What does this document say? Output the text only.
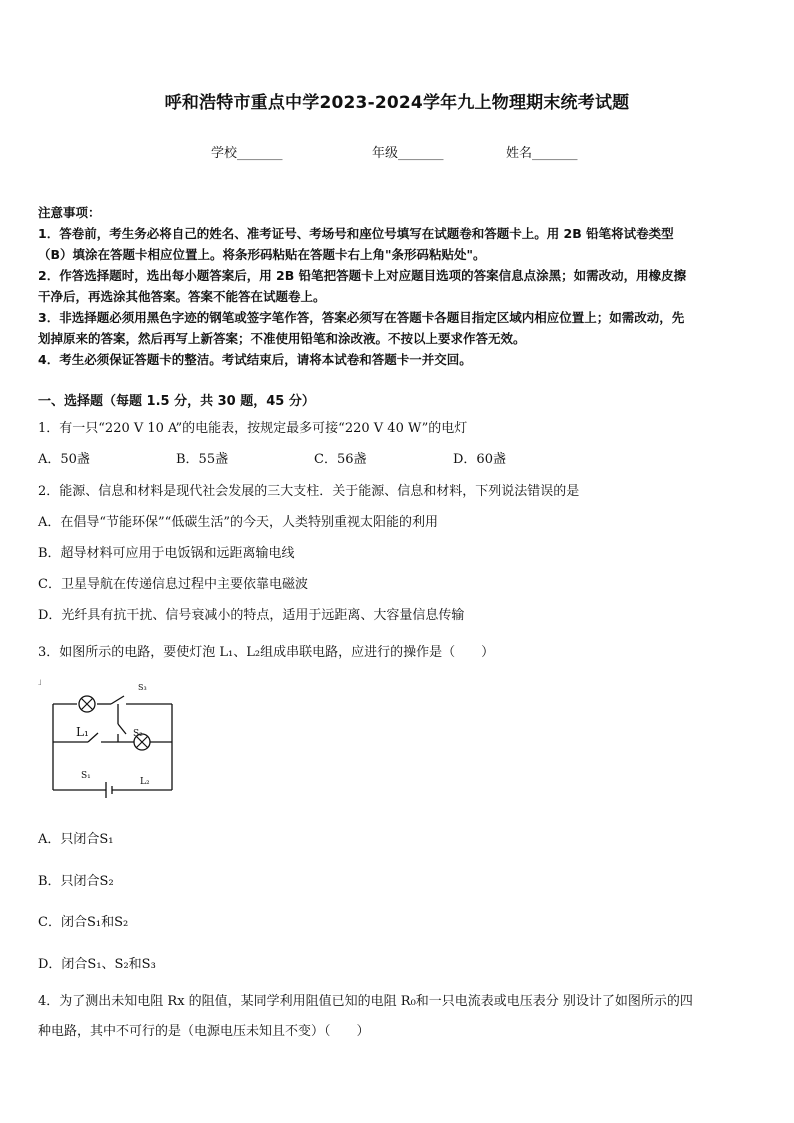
呼和浩特市重点中学2023-2024学年九上物理期末统考试题
学校_______	年级_______	姓名_______
注意事项：
1．答卷前，考生务必将自己的姓名、准考证号、考场号和座位号填写在试题卷和答题卡上。用 2B 铅笔将试卷类型
（B）填涂在答题卡相应位置上。将条形码粘贴在答题卡右上角"条形码粘贴处"。
2．作答选择题时，选出每小题答案后，用 2B 铅笔把答题卡上对应题目选项的答案信息点涂黑；如需改动，用橡皮擦
干净后，再选涂其他答案。答案不能答在试题卷上。
3．非选择题必须用黑色字迹的钢笔或签字笔作答，答案必须写在答题卡各题目指定区域内相应位置上；如需改动，先
划掉原来的答案，然后再写上新答案；不准使用铅笔和涂改液。不按以上要求作答无效。
4．考生必须保证答题卡的整洁。考试结束后，请将本试卷和答题卡一并交回。
一、选择题（每题 1.5 分，共 30 题，45 分）
1．有一只“220 V 10 A”的电能表，按规定最多可接“220 V 40 W”的电灯
A．50盏	B．55盏	C．56盏	D．60盏
2．能源、信息和材料是现代社会发展的三大支柱．关于能源、信息和材料，下列说法错误的是
A．在倡导“节能环保”“低碳生活”的今天，人类特别重视太阳能的利用
B．超导材料可应用于电饭锅和远距离输电线
C．卫星导航在传递信息过程中主要依靠电磁波
D．光纤具有抗干扰、信号衰减小的特点，适用于远距离、大容量信息传输
3．如图所示的电路，要使灯泡 L₁、L₂组成串联电路，应进行的操作是（　　）
」
S₃
L₁	S₂
S₁
L₂
A．只闭合S₁
B．只闭合S₂
C．闭合S₁和S₂
D．闭合S₁、S₂和S₃
4．为了测出未知电阻 Rx 的阻值，某同学利用阻值已知的电阻 R₀和一只电流表或电压表分 别设计了如图所示的四
种电路，其中不可行的是（电源电压未知且不变）（　　）
